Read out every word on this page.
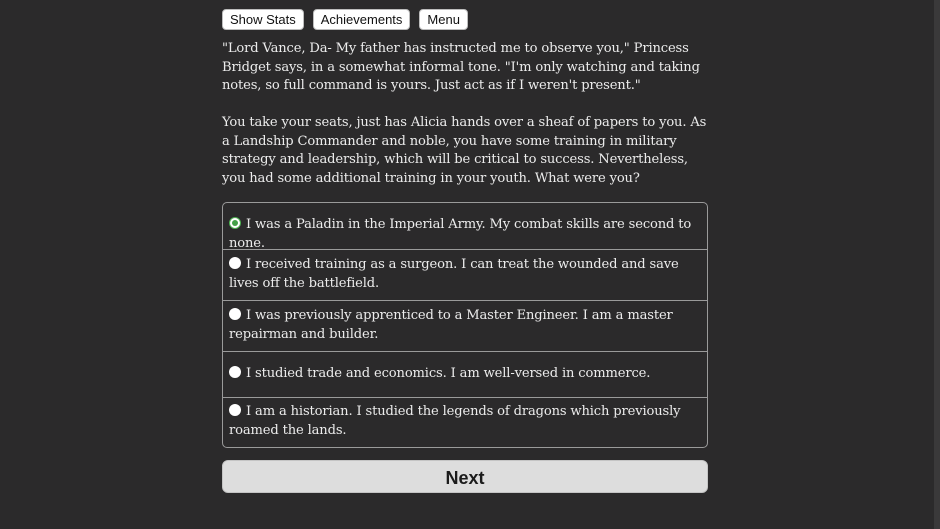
Show Stats	Achievements	Menu

"Lord Vance, Da- My father has instructed me to observe you," Princess Bridget says, in a somewhat informal tone. "I'm only watching and taking notes, so full command is yours. Just act as if I weren't present."

You take your seats, just has Alicia hands over a sheaf of papers to you. As a Landship Commander and noble, you have some training in military strategy and leadership, which will be critical to success. Nevertheless, you had some additional training in your youth. What were you?

I was a Paladin in the Imperial Army. My combat skills are second to none.
I received training as a surgeon. I can treat the wounded and save lives off the battlefield.
I was previously apprenticed to a Master Engineer. I am a master repairman and builder.
I studied trade and economics. I am well-versed in commerce.
I am a historian. I studied the legends of dragons which previously roamed the lands.
Next
